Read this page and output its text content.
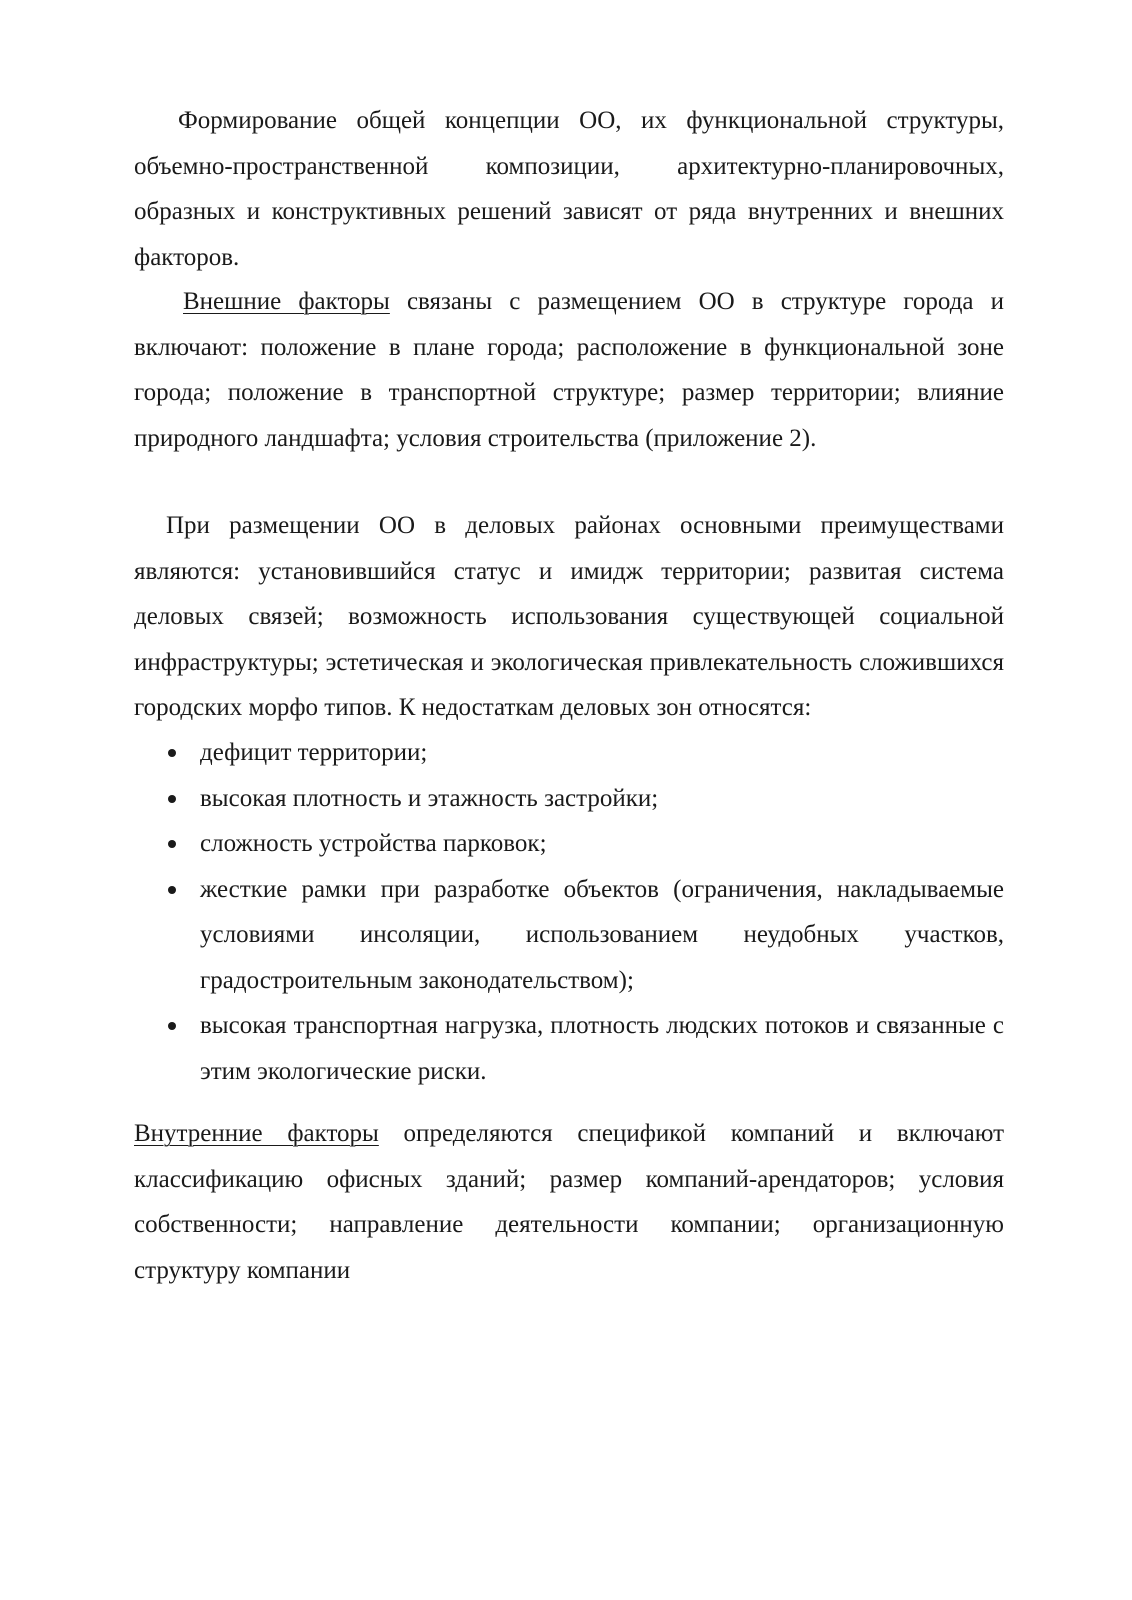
Формирование общей концепции ОО, их функциональной структуры, объемно-пространственной композиции, архитектурно-планировочных, образных и конструктивных решений зависят от ряда внутренних и внешних факторов.

Внешние факторы связаны с размещением ОО в структуре города и включают: положение в плане города; расположение в функциональной зоне города; положение в транспортной структуре; размер территории; влияние природного ландшафта; условия строительства (приложение 2).

При размещении ОО в деловых районах основными преимуществами являются: установившийся статус и имидж территории; развитая система деловых связей; возможность использования существующей социальной инфраструктуры; эстетическая и экологическая привлекательность сложившихся городских морфо типов. К недостаткам деловых зон относятся:

дефицит территории;
высокая плотность и этажность застройки;
сложность устройства парковок;
жесткие рамки при разработке объектов (ограничения, накладываемые условиями инсоляции, использованием неудобных участков, градостроительным законодательством);
высокая транспортная нагрузка, плотность людских потоков и связанные с этим экологические риски.

Внутренние факторы определяются спецификой компаний и включают классификацию офисных зданий; размер компаний-арендаторов; условия собственности; направление деятельности компании; организационную структуру компании
